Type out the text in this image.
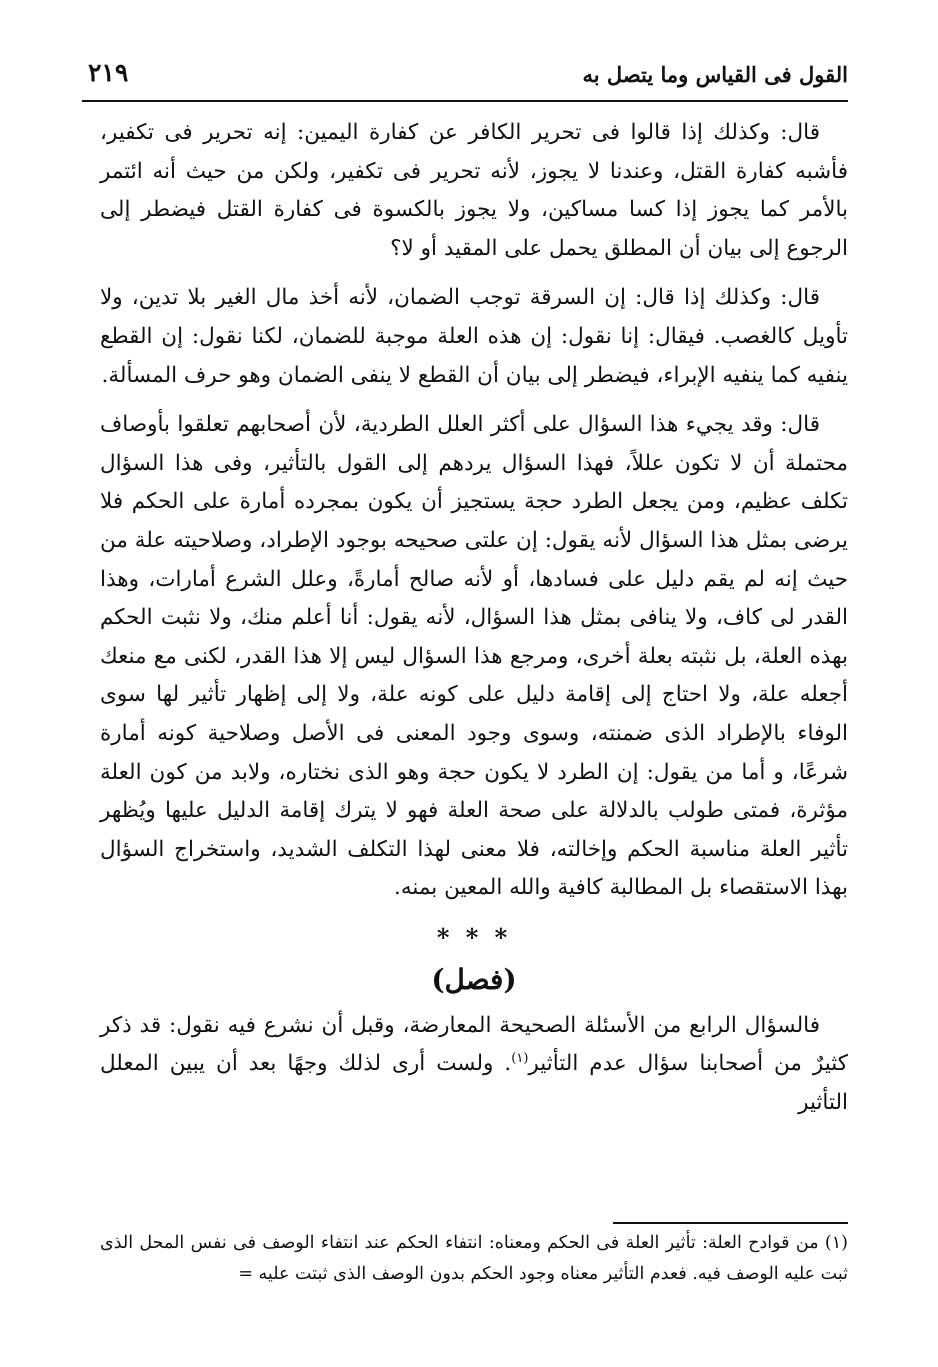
القول فى القياس وما يتصل به
٢١٩

قال: وكذلك إذا قالوا فى تحرير الكافر عن كفارة اليمين: إنه تحرير فى تكفير، فأشبه كفارة القتل، وعندنا لا يجوز، لأنه تحرير فى تكفير، ولكن من حيث أنه ائتمر بالأمر كما يجوز إذا كسا مساكين، ولا يجوز بالكسوة فى كفارة القتل فيضطر إلى الرجوع إلى بيان أن المطلق يحمل على المقيد أو لا؟

قال: وكذلك إذا قال: إن السرقة توجب الضمان، لأنه أخذ مال الغير بلا تدين، ولا تأويل كالغصب. فيقال: إنا نقول: إن هذه العلة موجبة للضمان، لكنا نقول: إن القطع ينفيه كما ينفيه الإبراء، فيضطر إلى بيان أن القطع لا ينفى الضمان وهو حرف المسألة.

قال: وقد يجيء هذا السؤال على أكثر العلل الطردية، لأن أصحابهم تعلقوا بأوصاف محتملة أن لا تكون عللاً، فهذا السؤال يردهم إلى القول بالتأثير، وفى هذا السؤال تكلف عظيم، ومن يجعل الطرد حجة يستجيز أن يكون بمجرده أمارة على الحكم فلا يرضى بمثل هذا السؤال لأنه يقول: إن علتى صحيحه بوجود الإطراد، وصلاحيته علة من حيث إنه لم يقم دليل على فسادها، أو لأنه صالح أمارةً، وعلل الشرع أمارات، وهذا القدر لى كاف، ولا ينافى بمثل هذا السؤال، لأنه يقول: أنا أعلم منك، ولا نثبت الحكم بهذه العلة، بل نثبته بعلة أخرى، ومرجع هذا السؤال ليس إلا هذا القدر، لكنى مع منعك أجعله علة، ولا احتاج إلى إقامة دليل على كونه علة، ولا إلى إظهار تأثير لها سوى الوفاء بالإطراد الذى ضمنته، وسوى وجود المعنى فى الأصل وصلاحية كونه أمارة شرعًا، و أما من يقول: إن الطرد لا يكون حجة وهو الذى نختاره، ولابد من كون العلة مؤثرة، فمتى طولب بالدلالة على صحة العلة فهو لا يترك إقامة الدليل عليها ويُظهر تأثير العلة مناسبة الحكم وإخالته، فلا معنى لهذا التكلف الشديد، واستخراج السؤال بهذا الاستقصاء بل المطالبة كافية والله المعين بمنه.

* * *
(فصل)

فالسؤال الرابع من الأسئلة الصحيحة المعارضة، وقبل أن نشرع فيه نقول: قد ذكر كثيرٌ من أصحابنا سؤال عدم التأثير$^{(١)}$. ولست أرى لذلك وجهًا بعد أن يبين المعلل التأثير

(١) من قوادح العلة: تأثير العلة فى الحكم ومعناه: انتفاء الحكم عند انتفاء الوصف فى نفس المحل الذى ثبت عليه الوصف فيه. فعدم التأثير معناه وجود الحكم بدون الوصف الذى ثبتت عليه =
